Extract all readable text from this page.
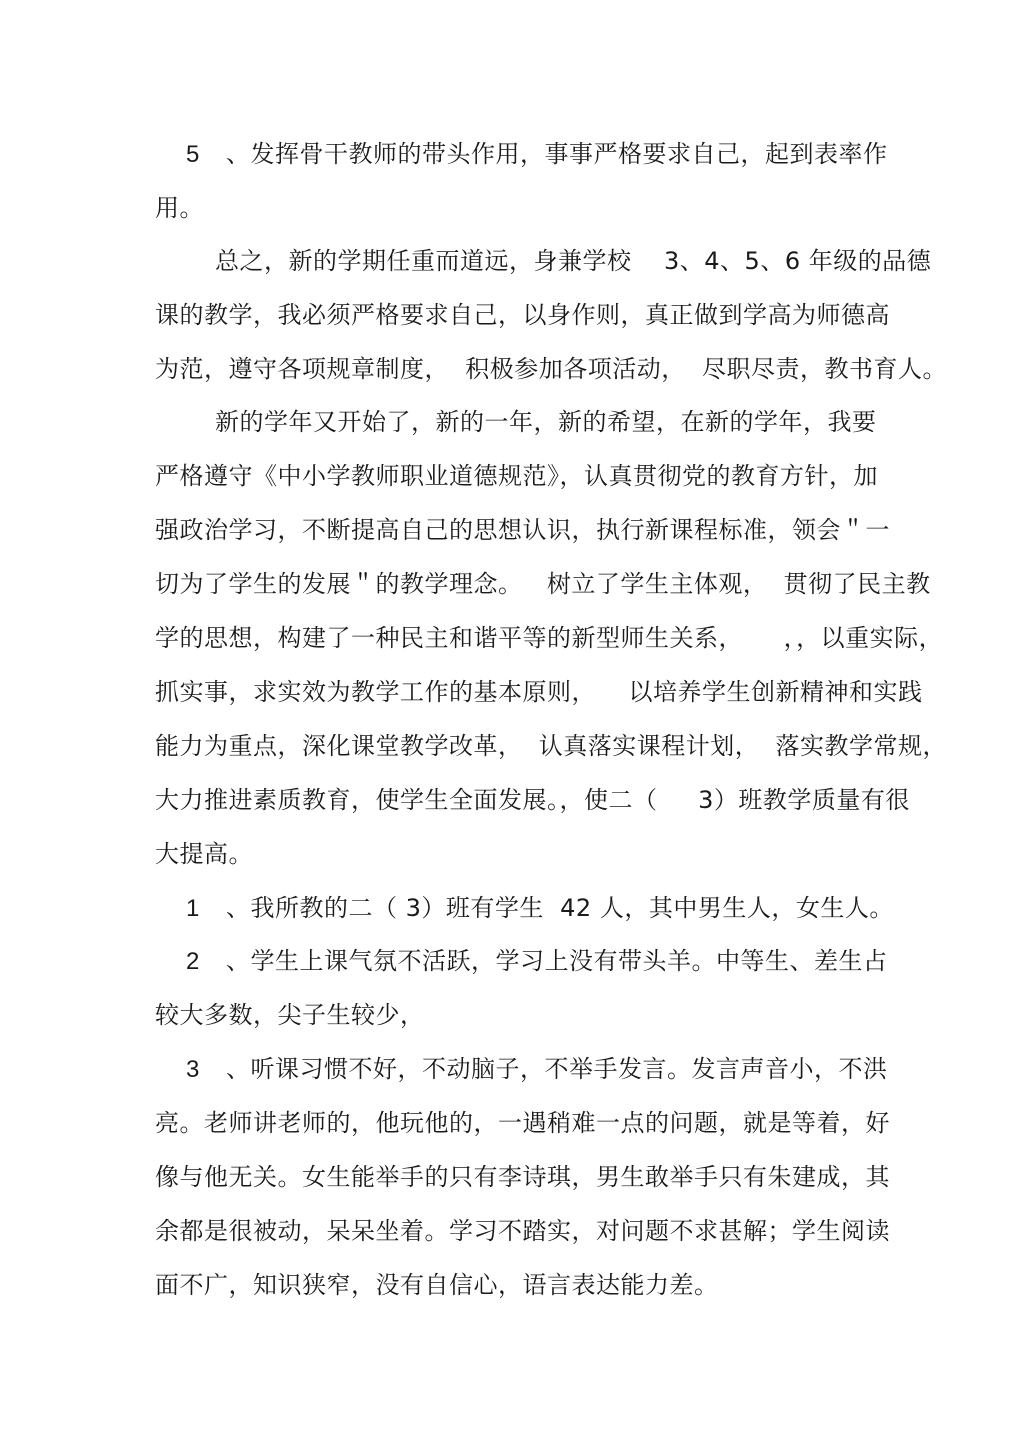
5 、发挥骨干教师的带头作用，事事严格要求自己，起到表率作
用。
总之，新的学期任重而道远，身兼学校    3、4、5、6 年级的品德
课的教学，我必须严格要求自己，以身作则，真正做到学高为师德高
为范，遵守各项规章制度，  积极参加各项活动，  尽职尽责，教书育人。
新的学年又开始了，新的一年，新的希望，在新的学年，我要
严格遵守《中小学教师职业道德规范》，认真贯彻党的教育方针，加
强政治学习，不断提高自己的思想认识，执行新课程标准，领会＂一
切为了学生的发展＂的教学理念。   树立了学生主体观，  贯彻了民主教
学的思想，构建了一种民主和谐平等的新型师生关系，     ，，以重实际，
抓实事，求实效为教学工作的基本原则，    以培养学生创新精神和实践
能力为重点，深化课堂教学改革，  认真落实课程计划，  落实教学常规，
大力推进素质教育，使学生全面发展。，使二（     3）班教学质量有很
大提高。
1 、我所教的二（ 3）班有学生  42 人，其中男生人，女生人。
2 、学生上课气氛不活跃，学习上没有带头羊。中等生、差生占
较大多数，尖子生较少，
3 、听课习惯不好，不动脑子，不举手发言。发言声音小，不洪
亮。老师讲老师的，他玩他的，一遇稍难一点的问题，就是等着，好
像与他无关。女生能举手的只有李诗琪，男生敢举手只有朱建成，其
余都是很被动，呆呆坐着。学习不踏实，对问题不求甚解；学生阅读
面不广，知识狭窄，没有自信心，语言表达能力差。
